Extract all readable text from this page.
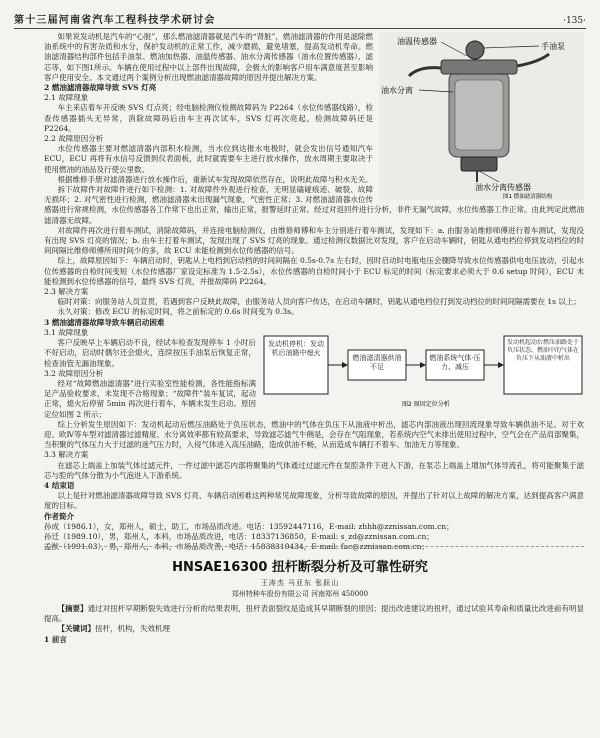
第十三届河南省汽车工程科技学术研讨会	·135·
油温传感器
手油泵
油水分离
油水分离传感器
图1 燃油滤清器结构

如果说发动机是汽车的“心脏”，那么燃油滤清器就是汽车的“肾脏”，燃油滤清器的作用是滤除燃油系统中的有害杂质和水分，保护发动机的正常工作，减少磨损，避免堵塞，提高发动机寿命。燃油滤清器结构部件包括手油泵、燃油加热器、油温传感器、油水分离传感器（油水位置传感器）、滤芯等，如下图1所示。车辆在使用过程中以上部件出现故障，会极大的影响客户用车满意度甚至影响客户使用安全。本文通过两个案例分析出现燃油滤清器故障的原因并提出解决方案。

2 燃油滤清器故障导致 SVS 灯亮

2.1 故障现象

车主来店着车开反映 SVS 灯点亮；经电脑检测仪检测故障码为 P2264（水位传感器线路），检查传感器插头无异常，消除故障码后由车主再次试车，SVS 灯再次亮起，检测故障码还是 P2264。

2.2 故障原因分析

水位传感器主要对燃滤清器内部积水检测，当水位到达报水电极时，就会发出信号通知汽车 ECU，ECU 再将有水信号反馈到仪表面板，此时就需要车主进行放水操作，放水周期主要取决于使用燃油的油品及行使公里数。

根据维修手册对滤清器进行放水操作后，重新试车发现故障依然存在，说明此故障与积水无关。

拆下故障件对故障件进行如下检测：1. 对故障件外观进行检查，无明显磕碰痕迹、破裂、故障无损坏；2. 对气密性进行检测，燃油滤清器未出现漏气现象，气密性正常；3. 对燃油滤清器水位传感器进行常规检测，水位传感器各工作常下也出正常，输出正常，报警延时正常。经过对返回件进行分析，非件无漏气故障，水位传感器工作正常。由此判定此燃油滤清器无故障。

对故障件再次进行着车测试，消除故障码，并连接电脑检测仪，由维修师傅和车主分别进行着车测试，发现如下：a. 由服务站维修师傅进行着车测试，发现没有出现 SVS 灯亮的情况；b. 由车主打着车测试，发现出现了 SVS 灯亮的现象。通过检测仪数据比对发现，客户在启动车辆时，钥匙从通电档位停到发动档位的时间间隔比维修师傅所用时间少的多，故 ECU 未能检测到水位传感器的信号。

综上，故障原因如下：车辆启动时，钥匙从上电档到启动档的时间间隔在 0.5s-0.7s 左右时，因时启动时电瓶电压会骤降导致水位传感器供电电压波动，引起水位传感器的自检时间变短（水位传感器厂家设定标准为 1.5-2.5s），水位传感器的自检时间小于 ECU 标定的时间（标定要求必须大于 0.6 setup 时间），ECU 未能检测到水位传感器的信号，最终 SVS 灯亮，并报故障码 P2264。

2.3 解决方案

临时对策：向服务站人员宣贯，若遇到客户反映此故障，由服务站人员向客户传达，在启动车辆时，钥匙从通电档位打到发动档位的时间间隔需要在 1s 以上；

永久对策：修改 ECU 的标定时间，将之前标定的 0.6s 时间变为 0.3s。

3 燃油滤清器故障导致车辆启动困难

发动机停机：发动机后油路中熄火
燃油滤清器供油不足
燃油系统气体·压力、减压
发动机起动后燃压油路处于负压状态，燃油中的气体在负压下从油液中析出
图2 原因定位分析

3.1 故障现象

客户反映早上车辆启动不良，经试车检查发现停车 1 小时后不好启动，启动时偶尔还会熄火，连续按压手油泵后恢复正常，检查油管无漏油现象。

3.2 故障原因分析

经对“故障燃油滤清器”进行实验室性能检测，各性能指标满足产品验收要求，未发现不合格现象；“故障件”装车复试，起动正常，熄火后停留 5min 再次进行着车，车辆未发生启动。原因定位如图 2 所示；

综上分析发生原因如下：发动机起动后燃压油路处于负压状态，燃油中的气体在负压下从油液中析出，滤芯内部油液出现回流现象导致车辆供油不足。对于欢迎、欧Ⅳ等车型对滤清器过滤精度、水分离效率都有较高要求，导致滤芯滤气牛侧是，会存在气阻现象，若系统内空气未排出使用过程中，空气会在产品肩部聚集，当积聚的气体压力大于过滤的迷气压力时，入侵气体进入高压油路，造成供油不畅，从而造成车辆打不着车、加油无力等现象。

3.3 解决方案

在滤芯上端盖上加装气体过滤元件，一件过滤中滤芯内部将聚集的气体通过过滤元件在泵腔条件下进入下游，在泵芯上端盖上增加气体导流孔，将可能聚集于滤芯与腔的气体分散为小气泡进入下游系统。

4 结束语

以上是针对燃油滤清器故障导致 SVS 灯亮、车辆启动困难这两种常见故障现象，分析导致故障的原因，并提出了针对以上故障的解决方案，达到提高客户满意度的目标。

作者简介

孙成（1986.1），女，郑州人，硕士，助工，市场品质改进。电话：13592447116，E-mail: zhhh@zznissan.com.cn；

孙迁（1989.10），男，郑州人，本科，市场品质改进，电话：18337136850，E-mail: s_zd@zznissan.com.cn；

孟猷（1991.03），男，郑州人，本科，市场品质改善，电话：15838310434，E-mail: fac@zznissan.com.cn；

HNSAE16300 扭杆断裂分析及可靠性研究
王涛杰 马亚东 张跃山
郑州特种车股份有限公司 河南郑州 450000

【摘要】通过对扭杆早期断裂失效进行分析的结果表明，扭杆表面裂纹是造成其早期断裂的原因；提出改进建议的扭杆，通过试验其寿命和质量比改进前有明显提高。

【关键词】扭杆，机构，失效机理

1 前言
